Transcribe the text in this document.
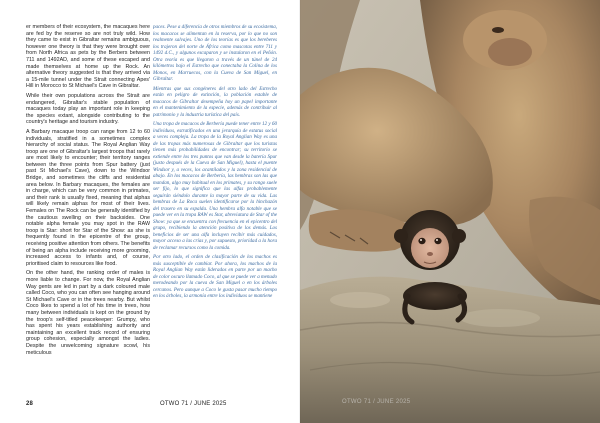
er members of their ecosystem, the macaques here are fed by the reserve so are not truly wild. How they came to exist in Gibraltar remains ambiguous, however one theory is that they were brought over from North Africa as pets by the Berbers between 711 and 1492AD, and some of these escaped and made themselves at home up the Rock. An alternative theory suggested is that they arrived via a 15-mile tunnel under the Strait connecting Apes' Hill in Morocco to St Michael's Cave in Gibraltar.

While their own populations across the Strait are endangered, Gibraltar's stable population of macaques today play an important role in keeping the species extant, alongside contributing to the country's heritage and tourism industry.

A Barbary macaque troop can range from 12 to 60 individuals, stratified in a sometimes complex hierarchy of social status. The Royal Anglian Way troop are one of Gibraltar's largest troops that rarely are most likely to encounter; their territory ranges between the three points from Spur battery (just past St Michael's Cave), down to the Windsor Bridge, and sometimes the cliffs and residential area below. In Barbary macaques, the females are in charge, which can be very common in primates, and their rank is usually fixed, meaning that alphas will likely remain alphas for most of their lives. Females on The Rock can be generally identified by the cautious swelling on their backsides. One notable alpha female you may spot in the RAW troop is Star: short for Star of the Show: as she is frequently found in the epicentre of the group, receiving positive attention from others. The benefits of being an alpha include receiving more grooming, increased access to infants and, of course, prioritised claim to resources like food.

On the other hand, the ranking order of males is more liable to change. For now, the Royal Anglian Way gents are led in part by a dark coloured male called Coco, who you can often see hanging around St Michael's Cave or in the trees nearby. But whilst Coco likes to spend a lot of his time in trees, how many between individuals is kept on the ground by the troop's self-titled peacekeeper: Grumpy, who has spent his years establishing authority and maintaining an excellent track record of ensuring group cohesion, especially amongst the ladies. Despite the unwelcoming signature scowl, his meticulous

paces. Pese a diferencia de otros miembros de su ecosistema, los macacos se alimentan en la reserva, por lo que no son realmente salvajes. Uno de los teorías es que los bereberes los trajeron del norte de África como mascotas entre 711 y 1492 d.C., y algunos escaparon y se instalaron en el Peñón. Otra teoría es que llegaron a través de un túnel de 24 kilómetros bajo el Estrecho que conectaba la Colina de los Monos, en Marruecos, con la Cueva de San Miguel, en Gibraltar.

Mientras que sus congéneres del otro lado del Estrecho están en peligro de extinción, la población estable de macacos de Gibraltar desempeña hoy un papel importante en el mantenimiento de la especie, además de contribuir al patrimonio y la industria turística del país.

Una tropa de macacos de Berbería puede tener entre 12 y 60 individuos, estratificados en una jerarquía de estatus social a veces compleja. La tropa de la Royal Anglian Way es una de las tropas más numerosas de Gibraltar que los turistas tienen más probabilidades de encontrar; su territorio se extiende entre los tres puntos que van desde la batería Spur (justo después de la Cueva de San Miguel), hasta el puente Windsor y, a veces, los acantilados y la zona residencial de abajo. En los macacos de Berbería, las hembras son las que mandan, algo muy habitual en los primates, y su rango suele ser fijo, lo que significa que las alfas probablemente seguirán siéndolo durante la mayor parte de su vida. Las hembras de La Roca suelen identificarse por la hinchazón del trasero en su espalda. Una hembra alfa notable que se puede ver en la tropa RAW es Star, abreviatura de Star of the Show: ya que se encuentra con frecuencia en el epicentro del grupo, recibiendo la atención positiva de los demás. Los beneficios de ser una alfa incluyen recibir más cuidados, mayor acceso a las crías y, por supuesto, prioridad a la hora de reclamar recursos como la comida.

Por otro lado, el orden de clasificación de los machos es más susceptible de cambiar. Por ahora, los machos de la Royal Anglian Way están liderados en parte por un macho de color oscuro llamado Coco, al que se puede ver a menudo merodeando por la cueva de San Miguel o en los árboles cercanos. Pero aunque a Coco le gusta pasar mucho tiempo en los árboles, la armonía entre los individuos se mantiene

28	OTWO 71 / JUNE 2025	OTWO 71 / JUNE 2025
